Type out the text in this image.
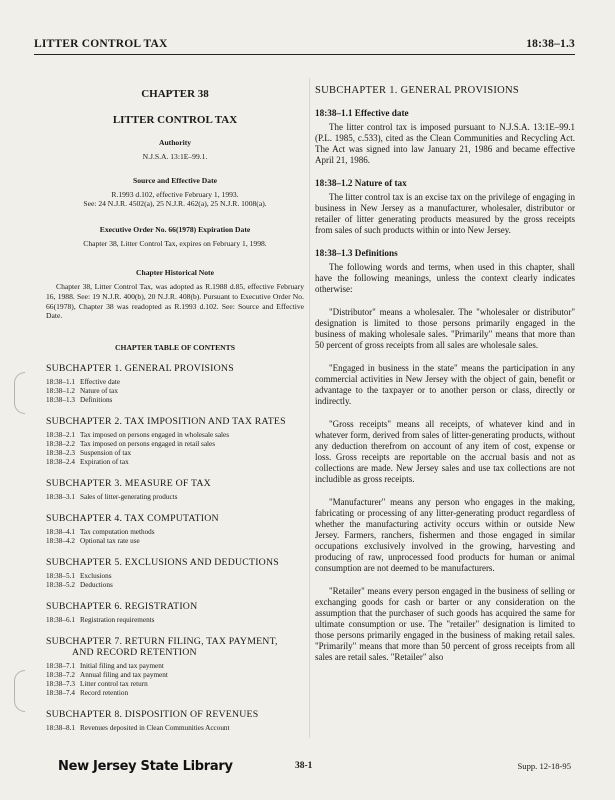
LITTER CONTROL TAX	18:38–1.3
CHAPTER 38
LITTER CONTROL TAX
Authority
N.J.S.A. 13:1E–99.1.
Source and Effective Date
R.1993 d.102, effective February 1, 1993.
See: 24 N.J.R. 4502(a), 25 N.J.R. 462(a), 25 N.J.R. 1008(a).
Executive Order No. 66(1978) Expiration Date
Chapter 38, Litter Control Tax, expires on February 1, 1998.
Chapter Historical Note
Chapter 38, Litter Control Tax, was adopted as R.1988 d.85, effective February 16, 1988. See: 19 N.J.R. 400(b), 20 N.J.R. 408(b). Pursuant to Executive Order No. 66(1978), Chapter 38 was readopted as R.1993 d.102. See: Source and Effective Date.
CHAPTER TABLE OF CONTENTS
SUBCHAPTER 1. GENERAL PROVISIONS
18:38–1.1 Effective date
18:38–1.2 Nature of tax
18:38–1.3 Definitions
SUBCHAPTER 2. TAX IMPOSITION AND TAX RATES
18:38–2.1 Tax imposed on persons engaged in wholesale sales
18:38–2.2 Tax imposed on persons engaged in retail sales
18:38–2.3 Suspension of tax
18:38–2.4 Expiration of tax
SUBCHAPTER 3. MEASURE OF TAX
18:38–3.1 Sales of litter-generating products
SUBCHAPTER 4. TAX COMPUTATION
18:38–4.1 Tax computation methods
18:38–4.2 Optional tax rate use
SUBCHAPTER 5. EXCLUSIONS AND DEDUCTIONS
18:38–5.1 Exclusions
18:38–5.2 Deductions
SUBCHAPTER 6. REGISTRATION
18:38–6.1 Registration requirements
SUBCHAPTER 7. RETURN FILING, TAX PAYMENT,
AND RECORD RETENTION
18:38–7.1 Initial filing and tax payment
18:38–7.2 Annual filing and tax payment
18:38–7.3 Litter control tax return
18:38–7.4 Record retention
SUBCHAPTER 8. DISPOSITION OF REVENUES
18:38–8.1 Revenues deposited in Clean Communities Account
SUBCHAPTER 1. GENERAL PROVISIONS
18:38–1.1 Effective date
The litter control tax is imposed pursuant to N.J.S.A. 13:1E–99.1 (P.L. 1985, c.533), cited as the Clean Communities and Recycling Act. The Act was signed into law January 21, 1986 and became effective April 21, 1986.
18:38–1.2 Nature of tax
The litter control tax is an excise tax on the privilege of engaging in business in New Jersey as a manufacturer, wholesaler, distributor or retailer of litter generating products measured by the gross receipts from sales of such products within or into New Jersey.
18:38–1.3 Definitions
The following words and terms, when used in this chapter, shall have the following meanings, unless the context clearly indicates otherwise:
"Distributor" means a wholesaler. The "wholesaler or distributor" designation is limited to those persons primarily engaged in the business of making wholesale sales. "Primarily" means that more than 50 percent of gross receipts from all sales are wholesale sales.
"Engaged in business in the state" means the participation in any commercial activities in New Jersey with the object of gain, benefit or advantage to the taxpayer or to another person or class, directly or indirectly.
"Gross receipts" means all receipts, of whatever kind and in whatever form, derived from sales of litter-generating products, without any deduction therefrom on account of any item of cost, expense or loss. Gross receipts are reportable on the accrual basis and not as collections are made. New Jersey sales and use tax collections are not includible as gross receipts.
"Manufacturer" means any person who engages in the making, fabricating or processing of any litter-generating product regardless of whether the manufacturing activity occurs within or outside New Jersey. Farmers, ranchers, fishermen and those engaged in similar occupations exclusively involved in the growing, harvesting and producing of raw, unprocessed food products for human or animal consumption are not deemed to be manufacturers.
"Retailer" means every person engaged in the business of selling or exchanging goods for cash or barter or any consideration on the assumption that the purchaser of such goods has acquired the same for ultimate consumption or use. The "retailer" designation is limited to those persons primarily engaged in the business of making retail sales. "Primarily" means that more than 50 percent of gross receipts from all sales are retail sales. "Retailer" also
New Jersey State Library	38-1	Supp. 12-18-95
